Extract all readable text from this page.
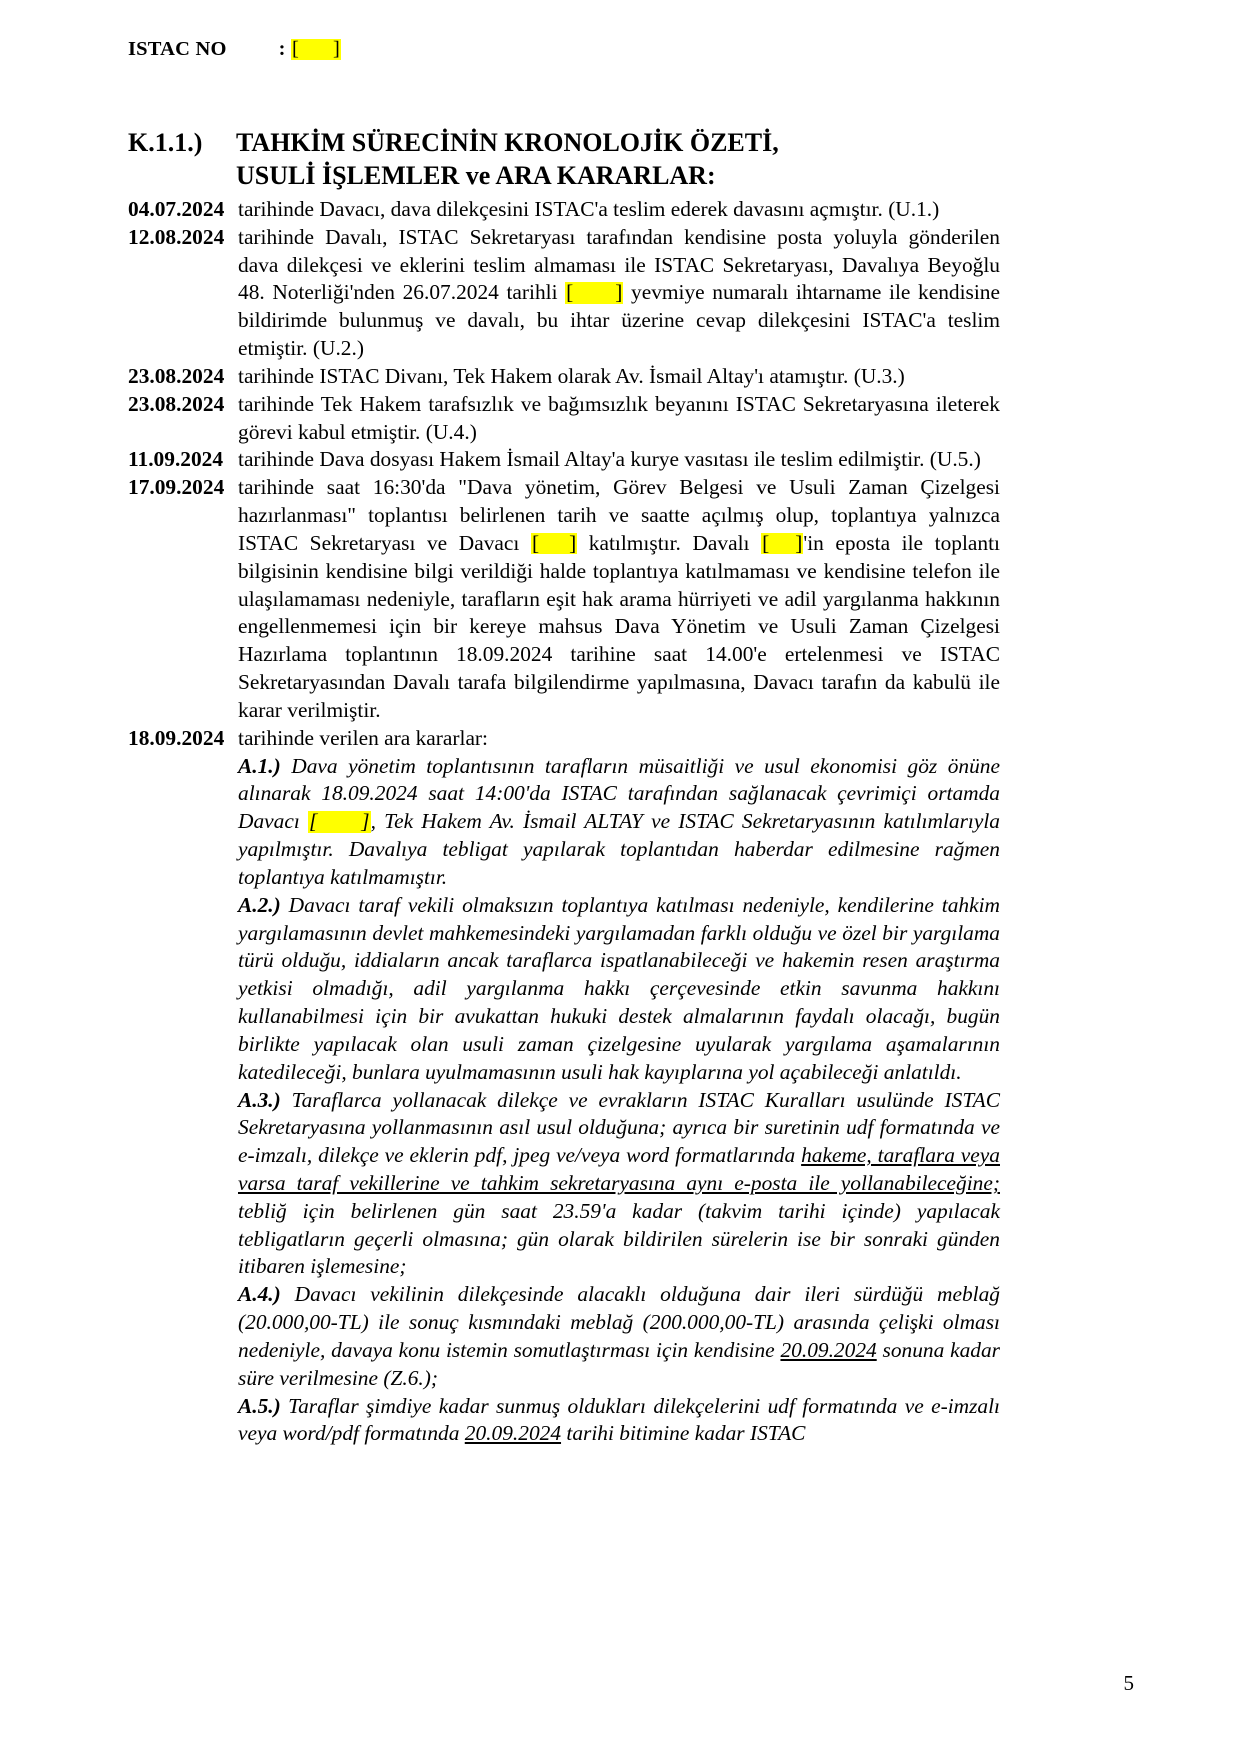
ISTAC NO	: [ ]
K.1.1.)	TAHKİM SÜRECİNİN KRONOLOJİK ÖZETİ,
USULİ İŞLEMLER ve ARA KARARLAR:
04.07.2024 tarihinde Davacı, dava dilekçesini ISTAC'a teslim ederek davasını açmıştır. (U.1.)
12.08.2024 tarihinde Davalı, ISTAC Sekretaryası tarafından kendisine posta yoluyla gönderilen dava dilekçesi ve eklerini teslim almaması ile ISTAC Sekretaryası, Davalıya Beyoğlu 48. Noterliği'nden 26.07.2024 tarihli [ ] yevmiye numaralı ihtarname ile kendisine bildirimde bulunmuş ve davalı, bu ihtar üzerine cevap dilekçesini ISTAC'a teslim etmiştir. (U.2.)
23.08.2024 tarihinde ISTAC Divanı, Tek Hakem olarak Av. İsmail Altay'ı atamıştır. (U.3.)
23.08.2024 tarihinde Tek Hakem tarafsızlık ve bağımsızlık beyanını ISTAC Sekretaryasına ileterek görevi kabul etmiştir. (U.4.)
11.09.2024 tarihinde Dava dosyası Hakem İsmail Altay'a kurye vasıtası ile teslim edilmiştir. (U.5.)
17.09.2024 tarihinde saat 16:30'da "Dava yönetim, Görev Belgesi ve Usuli Zaman Çizelgesi hazırlanması" toplantısı belirlenen tarih ve saatte açılmış olup, toplantıya yalnızca ISTAC Sekretaryası ve Davacı [ ] katılmıştır. Davalı [ ]'in eposta ile toplantı bilgisinin kendisine bilgi verildiği halde toplantıya katılmaması ve kendisine telefon ile ulaşılamaması nedeniyle, tarafların eşit hak arama hürriyeti ve adil yargılanma hakkının engellenmemesi için bir kereye mahsus Dava Yönetim ve Usuli Zaman Çizelgesi Hazırlama toplantının 18.09.2024 tarihine saat 14.00'e ertelenmesi ve ISTAC Sekretaryasından Davalı tarafa bilgilendirme yapılmasına, Davacı tarafın da kabulü ile karar verilmiştir.
18.09.2024 tarihinde verilen ara kararlar:
A.1.) Dava yönetim toplantısının tarafların müsaitliği ve usul ekonomisi göz önüne alınarak 18.09.2024 saat 14:00'da ISTAC tarafından sağlanacak çevrimiçi ortamda Davacı [ ], Tek Hakem Av. İsmail ALTAY ve ISTAC Sekretaryasının katılımlarıyla yapılmıştır. Davalıya tebligat yapılarak toplantıdan haberdar edilmesine rağmen toplantıya katılmamıştır.
A.2.) Davacı taraf vekili olmaksızın toplantıya katılması nedeniyle, kendilerine tahkim yargılamasının devlet mahkemesindeki yargılamadan farklı olduğu ve özel bir yargılama türü olduğu, iddiaların ancak taraflarca ispatlanabileceği ve hakemin resen araştırma yetkisi olmadığı, adil yargılanma hakkı çerçevesinde etkin savunma hakkını kullanabilmesi için bir avukattan hukuki destek almalarının faydalı olacağı, bugün birlikte yapılacak olan usuli zaman çizelgesine uyularak yargılama aşamalarının katedileceği, bunlara uyulmamasının usuli hak kayıplarına yol açabileceği anlatıldı.
A.3.) Taraflarca yollanacak dilekçe ve evrakların ISTAC Kuralları usulünde ISTAC Sekretaryasına yollanmasının asıl usul olduğuna; ayrıca bir suretinin udf formatında ve e-imzalı, dilekçe ve eklerin pdf, jpeg ve/veya word formatlarında hakeme, taraflara veya varsa taraf vekillerine ve tahkim sekretaryasına aynı e-posta ile yollanabileceğine; tebliğ için belirlenen gün saat 23.59'a kadar (takvim tarihi içinde) yapılacak tebligatların geçerli olmasına; gün olarak bildirilen sürelerin ise bir sonraki günden itibaren işlemesine;
A.4.) Davacı vekilinin dilekçesinde alacaklı olduğuna dair ileri sürdüğü meblağ (20.000,00-TL) ile sonuç kısmındaki meblağ (200.000,00-TL) arasında çelişki olması nedeniyle, davaya konu istemin somutlaştırması için kendisine 20.09.2024 sonuna kadar süre verilmesine (Z.6.);
A.5.) Taraflar şimdiye kadar sunmuş oldukları dilekçelerini udf formatında ve e-imzalı veya word/pdf formatında 20.09.2024 tarihi bitimine kadar ISTAC
5
